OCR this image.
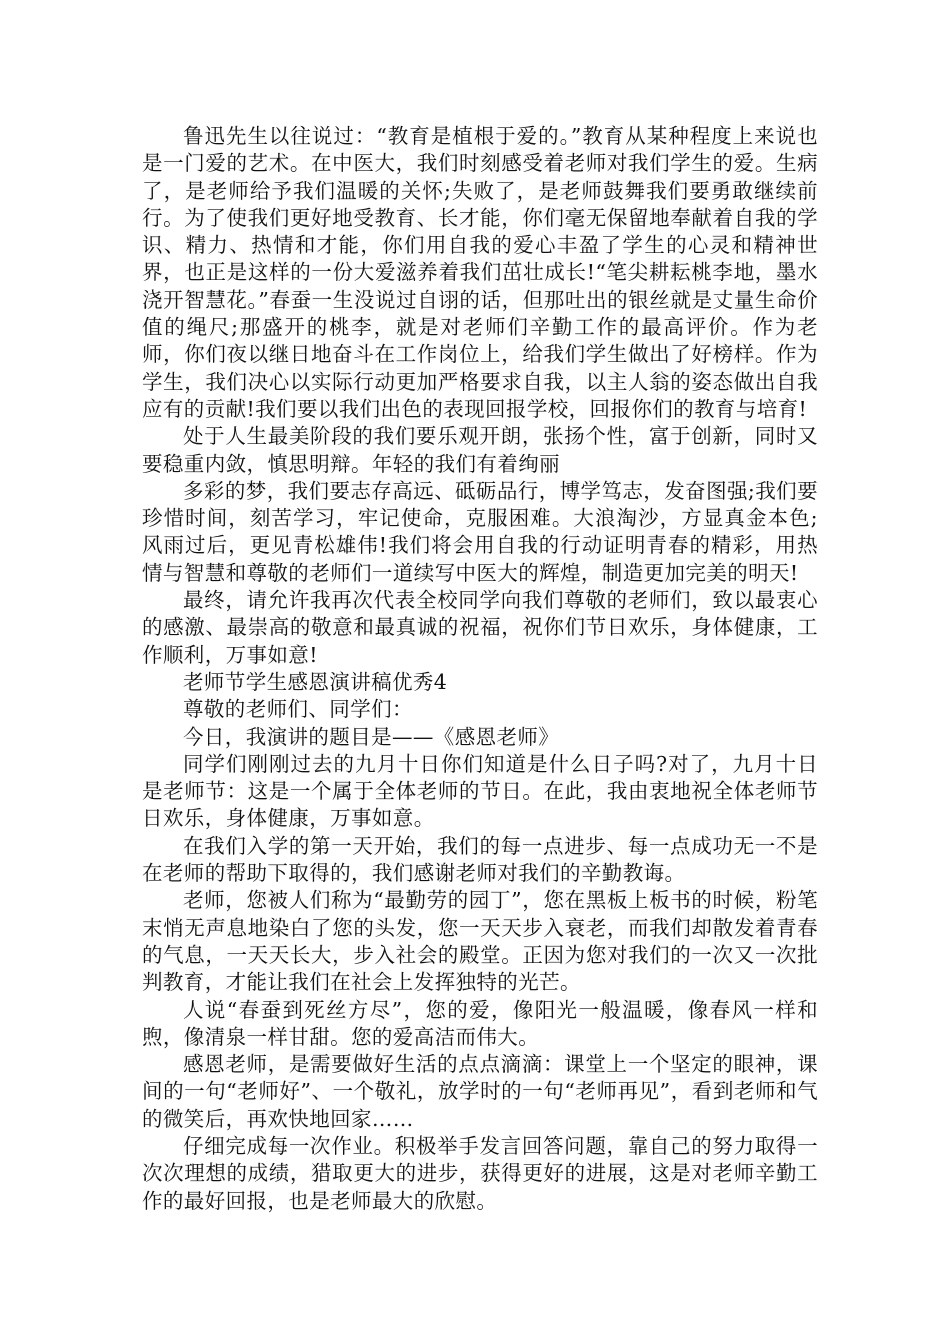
鲁迅先生以往说过：“教育是植根于爱的。”教育从某种程度上来说也是一门爱的艺术。在中医大，我们时刻感受着老师对我们学生的爱。生病了，是老师给予我们温暖的关怀;失败了，是老师鼓舞我们要勇敢继续前行。为了使我们更好地受教育、长才能，你们毫无保留地奉献着自我的学识、精力、热情和才能，你们用自我的爱心丰盈了学生的心灵和精神世界，也正是这样的一份大爱滋养着我们茁壮成长!“笔尖耕耘桃李地，墨水浇开智慧花。”春蚕一生没说过自诩的话，但那吐出的银丝就是丈量生命价值的绳尺;那盛开的桃李，就是对老师们辛勤工作的最高评价。作为老师，你们夜以继日地奋斗在工作岗位上，给我们学生做出了好榜样。作为学生，我们决心以实际行动更加严格要求自我，以主人翁的姿态做出自我应有的贡献!我们要以我们出色的表现回报学校，回报你们的教育与培育!

处于人生最美阶段的我们要乐观开朗，张扬个性，富于创新，同时又要稳重内敛，慎思明辩。年轻的我们有着绚丽

多彩的梦，我们要志存高远、砥砺品行，博学笃志，发奋图强;我们要珍惜时间，刻苦学习，牢记使命，克服困难。大浪淘沙，方显真金本色;风雨过后，更见青松雄伟!我们将会用自我的行动证明青春的精彩，用热情与智慧和尊敬的老师们一道续写中医大的辉煌，制造更加完美的明天!

最终，请允许我再次代表全校同学向我们尊敬的老师们，致以最衷心的感激、最崇高的敬意和最真诚的祝福，祝你们节日欢乐，身体健康，工作顺利，万事如意!

老师节学生感恩演讲稿优秀4

尊敬的老师们、同学们：

今日，我演讲的题目是——《感恩老师》

同学们刚刚过去的九月十日你们知道是什么日子吗?对了，九月十日是老师节：这是一个属于全体老师的节日。在此，我由衷地祝全体老师节日欢乐，身体健康，万事如意。

在我们入学的第一天开始，我们的每一点进步、每一点成功无一不是在老师的帮助下取得的，我们感谢老师对我们的辛勤教诲。

老师，您被人们称为“最勤劳的园丁”，您在黑板上板书的时候，粉笔末悄无声息地染白了您的头发，您一天天步入衰老，而我们却散发着青春的气息，一天天长大，步入社会的殿堂。正因为您对我们的一次又一次批判教育，才能让我们在社会上发挥独特的光芒。

人说“春蚕到死丝方尽”，您的爱，像阳光一般温暖，像春风一样和煦，像清泉一样甘甜。您的爱高洁而伟大。

感恩老师，是需要做好生活的点点滴滴：课堂上一个坚定的眼神，课间的一句“老师好”、一个敬礼，放学时的一句“老师再见”，看到老师和气的微笑后，再欢快地回家……

仔细完成每一次作业。积极举手发言回答问题，靠自己的努力取得一次次理想的成绩，猎取更大的进步，获得更好的进展，这是对老师辛勤工作的最好回报，也是老师最大的欣慰。
